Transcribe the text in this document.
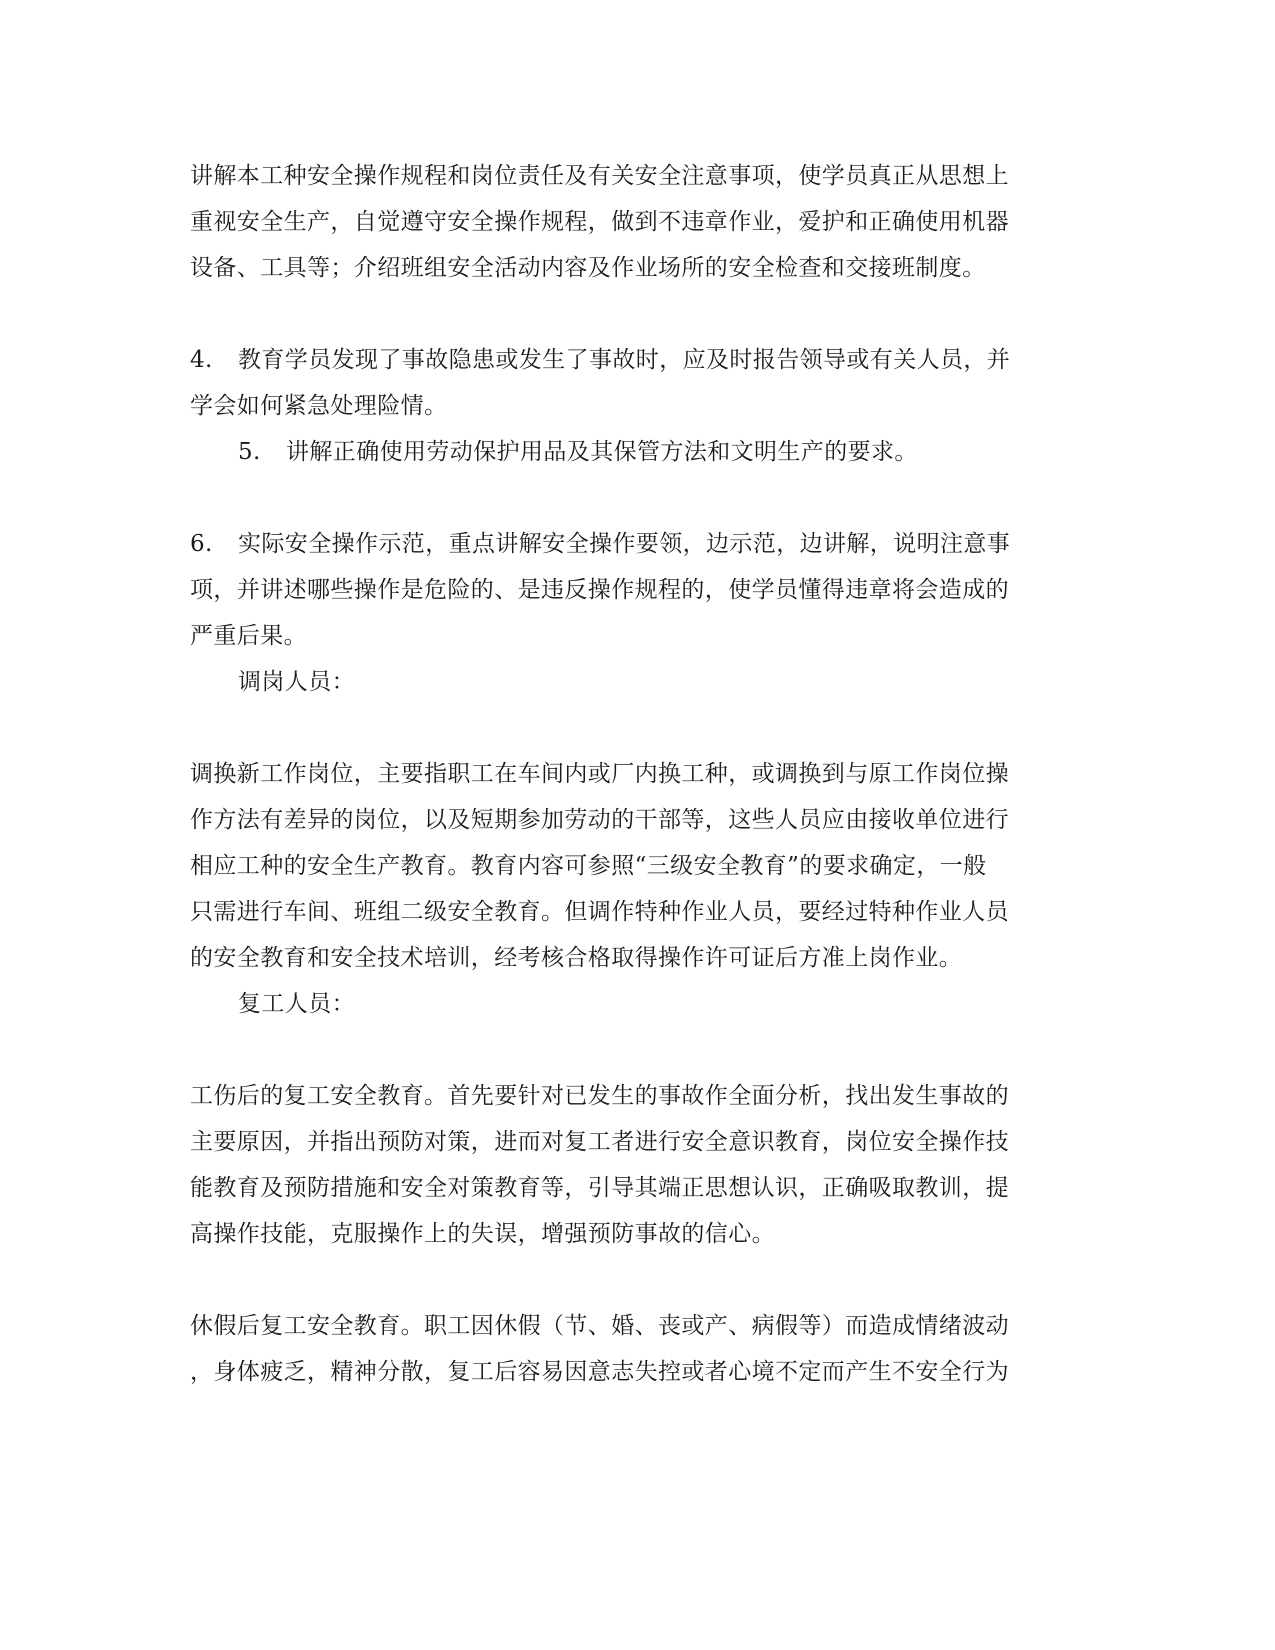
讲解本工种安全操作规程和岗位责任及有关安全注意事项，使学员真正从思想上
重视安全生产，自觉遵守安全操作规程，做到不违章作业，爱护和正确使用机器
设备、工具等；介绍班组安全活动内容及作业场所的安全检查和交接班制度。
4. 教育学员发现了事故隐患或发生了事故时，应及时报告领导或有关人员，并
学会如何紧急处理险情。
5. 讲解正确使用劳动保护用品及其保管方法和文明生产的要求。
6. 实际安全操作示范，重点讲解安全操作要领，边示范，边讲解，说明注意事
项，并讲述哪些操作是危险的、是违反操作规程的，使学员懂得违章将会造成的
严重后果。
调岗人员：
调换新工作岗位，主要指职工在车间内或厂内换工种，或调换到与原工作岗位操
作方法有差异的岗位，以及短期参加劳动的干部等，这些人员应由接收单位进行
相应工种的安全生产教育。教育内容可参照“三级安全教育”的要求确定，一般
只需进行车间、班组二级安全教育。但调作特种作业人员，要经过特种作业人员
的安全教育和安全技术培训，经考核合格取得操作许可证后方准上岗作业。
复工人员：
工伤后的复工安全教育。首先要针对已发生的事故作全面分析，找出发生事故的
主要原因，并指出预防对策，进而对复工者进行安全意识教育，岗位安全操作技
能教育及预防措施和安全对策教育等，引导其端正思想认识，正确吸取教训，提
高操作技能，克服操作上的失误，增强预防事故的信心。
休假后复工安全教育。职工因休假（节、婚、丧或产、病假等）而造成情绪波动
，身体疲乏，精神分散，复工后容易因意志失控或者心境不定而产生不安全行为
